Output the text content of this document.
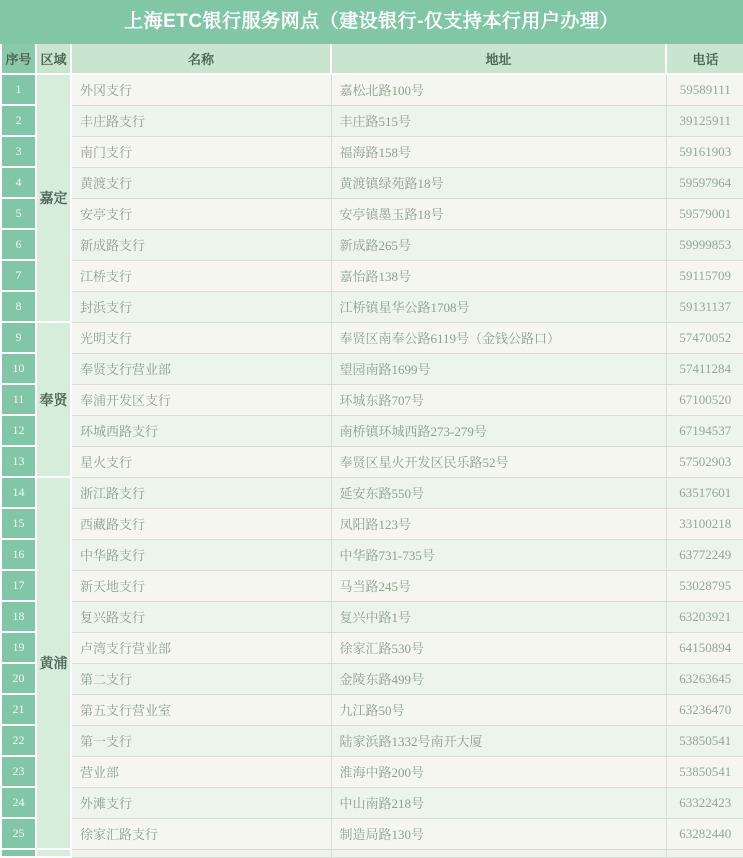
上海ETC银行服务网点（建设银行-仅支持本行用户办理）
序号	区域	名称	地址	电话
1	嘉定	外冈支行	嘉松北路100号	59589111
2		丰庄路支行	丰庄路515号	39125911
3		南门支行	福海路158号	59161903
4		黄渡支行	黄渡镇绿苑路18号	59597964
5		安亭支行	安亭镇墨玉路18号	59579001
6		新成路支行	新成路265号	59999853
7		江桥支行	嘉怡路138号	59115709
8		封浜支行	江桥镇星华公路1708号	59131137
9	奉贤	光明支行	奉贤区南奉公路6119号（金钱公路口）	57470052
10		奉贤支行营业部	望园南路1699号	57411284
11		奉浦开发区支行	环城东路707号	67100520
12		环城西路支行	南桥镇环城西路273-279号	67194537
13		星火支行	奉贤区星火开发区民乐路52号	57502903
14	黄浦	浙江路支行	延安东路550号	63517601
15		西藏路支行	凤阳路123号	33100218
16		中华路支行	中华路731-735号	63772249
17		新天地支行	马当路245号	53028795
18		复兴路支行	复兴中路1号	63203921
19		卢湾支行营业部	徐家汇路530号	64150894
20		第二支行	金陵东路499号	63263645
21		第五支行营业室	九江路50号	63236470
22		第一支行	陆家浜路1332号南开大厦	53850541
23		营业部	淮海中路200号	53850541
24		外滩支行	中山南路218号	63322423
25		徐家汇路支行	制造局路130号	63282440
